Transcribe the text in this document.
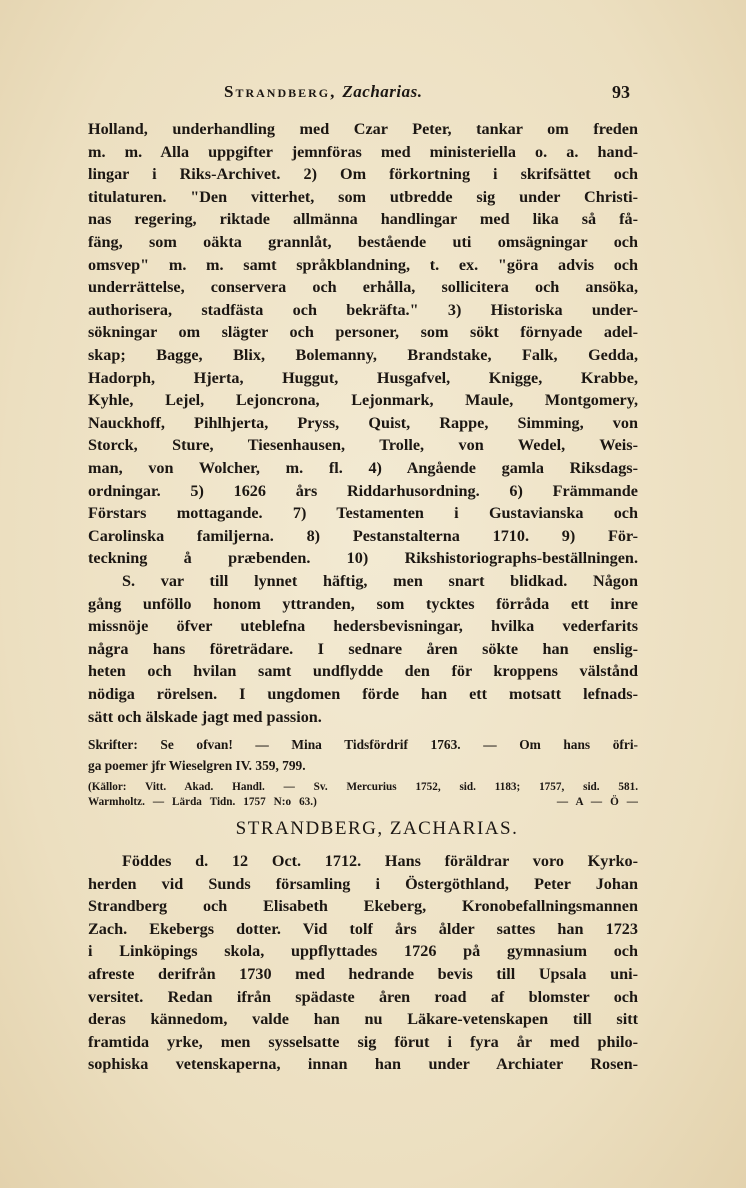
Strandberg, Zacharias.	93
Holland, underhandling med Czar Peter, tankar om freden
m. m. Alla uppgifter jemnföras med ministeriella o. a. hand-
lingar i Riks-Archivet. 2) Om förkortning i skrifsättet och
titulaturen. "Den vitterhet, som utbredde sig under Christi-
nas regering, riktade allmänna handlingar med lika så få-
fäng, som oäkta grannlåt, bestående uti omsägningar och
omsvep" m. m. samt språkblandning, t. ex. "göra advis och
underrättelse, conservera och erhålla, sollicitera och ansöka,
authorisera, stadfästa och bekräfta." 3) Historiska under-
sökningar om slägter och personer, som sökt förnyade adel-
skap; Bagge, Blix, Bolemanny, Brandstake, Falk, Gedda,
Hadorph, Hjerta, Huggut, Husgafvel, Knigge, Krabbe,
Kyhle, Lejel, Lejoncrona, Lejonmark, Maule, Montgomery,
Nauckhoff, Pihlhjerta, Pryss, Quist, Rappe, Simming, von
Storck, Sture, Tiesenhausen, Trolle, von Wedel, Weis-
man, von Wolcher, m. fl. 4) Angående gamla Riksdags-
ordningar. 5) 1626 års Riddarhusordning. 6) Främmande
Förstars mottagande. 7) Testamenten i Gustavianska och
Carolinska familjerna. 8) Pestanstalterna 1710. 9) För-
teckning å præbenden. 10) Rikshistoriographs-beställningen.
S. var till lynnet häftig, men snart blidkad. Någon
gång unföllo honom yttranden, som tycktes förråda ett inre
missnöje öfver uteblefna hedersbevisningar, hvilka vederfarits
några hans företrädare. I sednare åren sökte han enslig-
heten och hvilan samt undflydde den för kroppens välstånd
nödiga rörelsen. I ungdomen förde han ett motsatt lefnads-
sätt och älskade jagt med passion.
Skrifter: Se ofvan! — Mina Tidsfördrif 1763. — Om hans öfri-
ga poemer jfr Wieselgren IV. 359, 799.
(Källor: Vitt. Akad. Handl. — Sv. Mercurius 1752, sid. 1183; 1757, sid. 581.
Warmholtz. — Lärda Tidn. 1757 N:o 63.)                              — A — Ö —
STRANDBERG, ZACHARIAS.
Föddes d. 12 Oct. 1712. Hans föräldrar voro Kyrko-
herden vid Sunds församling i Östergöthland, Peter Johan
Strandberg och Elisabeth Ekeberg, Kronobefallningsmannen
Zach. Ekebergs dotter. Vid tolf års ålder sattes han 1723
i Linköpings skola, uppflyttades 1726 på gymnasium och
afreste derifrån 1730 med hedrande bevis till Upsala uni-
versitet. Redan ifrån spädaste åren road af blomster och
deras kännedom, valde han nu Läkare-vetenskapen till sitt
framtida yrke, men sysselsatte sig förut i fyra år med philo-
sophiska vetenskaperna, innan han under Archiater Rosen-
